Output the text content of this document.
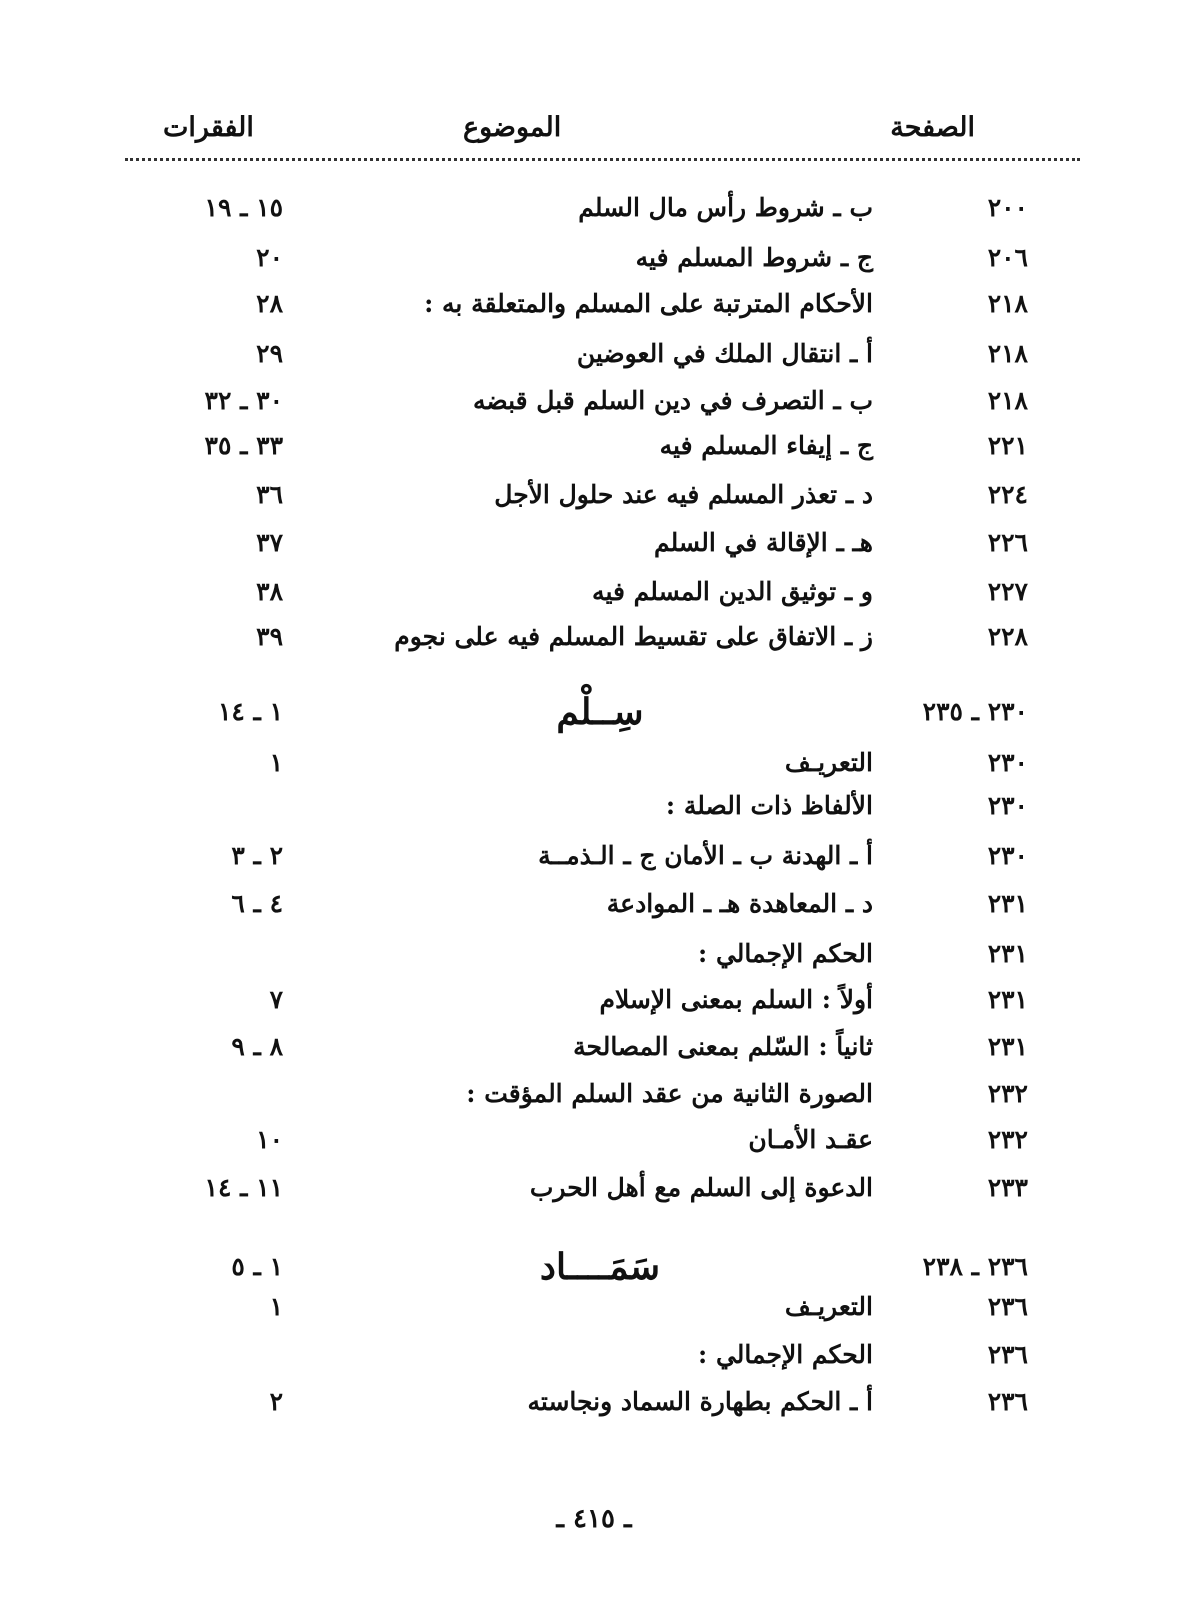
الصفحة
الموضوع
الفقرات
٢٠٠
ب ـ شروط رأس مال السلم
١٥ ـ ١٩
٢٠٦
ج ـ شروط المسلم فيه
٢٠
٢١٨
الأحكام المترتبة على المسلم والمتعلقة به :
٢٨
٢١٨
أ ـ انتقال الملك في العوضين
٢٩
٢١٨
ب ـ التصرف في دين السلم قبل قبضه
٣٠ ـ ٣٢
٢٢١
ج ـ إيفاء المسلم فيه
٣٣ ـ ٣٥
٢٢٤
د ـ تعذر المسلم فيه عند حلول الأجل
٣٦
٢٢٦
هـ ـ الإقالة في السلم
٣٧
٢٢٧
و ـ توثيق الدين المسلم فيه
٣٨
٢٢٨
ز ـ الاتفاق على تقسيط المسلم فيه على نجوم
٣٩
٢٣٠ ـ ٢٣٥
سِــلْم
١ ـ ١٤
٢٣٠
التعريـف
١
٢٣٠
الألفاظ ذات الصلة :
٢٣٠
أ ـ الهدنة ب ـ الأمان ج ـ الـذمــة
٢ ـ ٣
٢٣١
د ـ المعاهدة هـ ـ الموادعة
٤ ـ ٦
٢٣١
الحكم الإجمالي :
٢٣١
أولاً : السلم بمعنى الإسلام
٧
٢٣١
ثانياً : السّلم بمعنى المصالحة
٨ ـ ٩
٢٣٢
الصورة الثانية من عقد السلم المؤقت :
٢٣٢
عقـد الأمـان
١٠
٢٣٣
الدعوة إلى السلم مع أهل الحرب
١١ ـ ١٤
٢٣٦ ـ ٢٣٨
سَمَــــاد
١ ـ ٥
٢٣٦
التعريـف
١
٢٣٦
الحكم الإجمالي :
٢٣٦
أ ـ الحكم بطهارة السماد ونجاسته
٢
ـ ٤١٥ ـ
